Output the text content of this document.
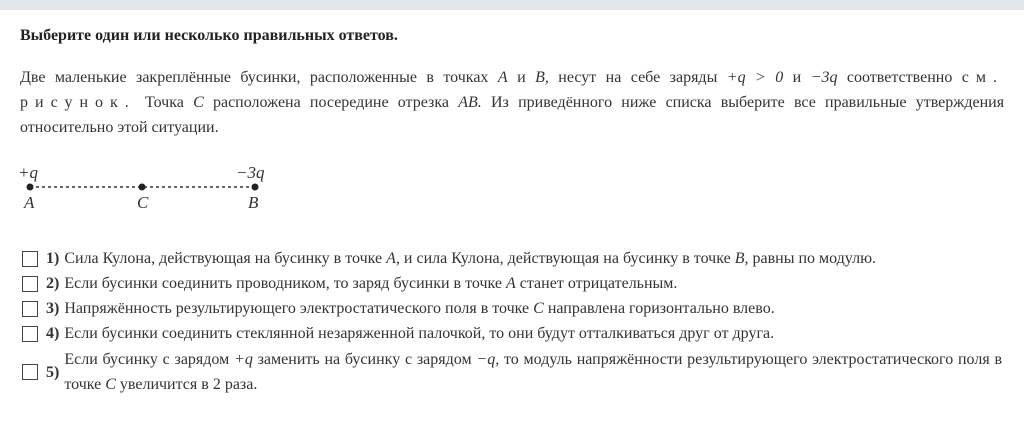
Выберите один или несколько правильных ответов.
Две маленькие закреплённые бусинки, расположенные в точках A и B, несут на себе заряды +q > 0 и −3q соответственно см. рисунок. Точка C расположена посередине отрезка AB. Из приведённого ниже списка выберите все правильные утверждения относительно этой ситуации.
+q	−3q
A	C	B
1) Сила Кулона, действующая на бусинку в точке A, и сила Кулона, действующая на бусинку в точке B, равны по модулю.
2) Если бусинки соединить проводником, то заряд бусинки в точке A станет отрицательным.
3) Напряжённость результирующего электростатического поля в точке C направлена горизонтально влево.
4) Если бусинки соединить стеклянной незаряженной палочкой, то они будут отталкиваться друг от друга.
5)
Если бусинку с зарядом +q заменить на бусинку с зарядом −q, то модуль напряжённости результирующего электростатического поля в точке C увеличится в 2 раза.
